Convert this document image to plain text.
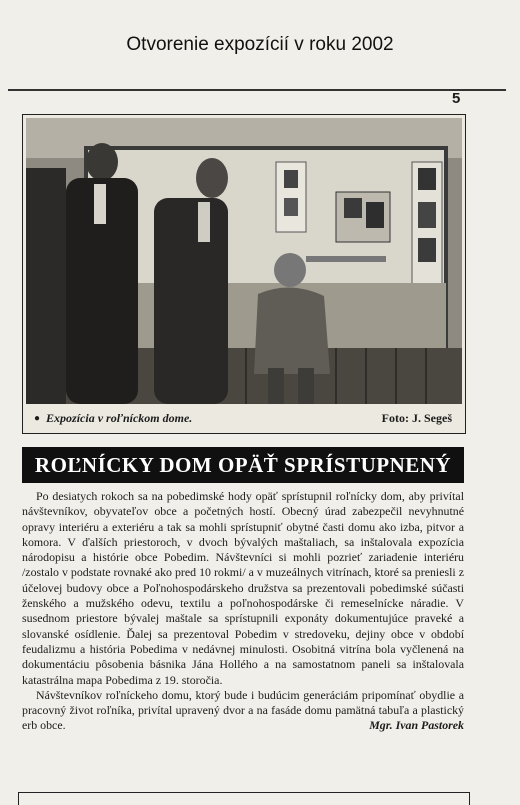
Otvorenie expozícií v roku 2002
5
● Expozícia v roľníckom dome.	Foto: J. Segeš
ROĽNÍCKY DOM OPÄŤ SPRÍSTUPNENÝ

Po desiatych rokoch sa na pobedimské hody opäť sprístupnil roľnícky dom, aby privítal návštevníkov, obyvateľov obce a početných hostí. Obecný úrad zabezpečil nevyhnutné opravy interiéru a exteriéru a tak sa mohli sprístupniť obytné časti domu ako izba, pitvor a komora. V ďalších priestoroch, v dvoch bývalých maštaliach, sa inštalovala expozícia národopisu a histórie obce Pobedim. Návštevníci si mohli pozrieť zariadenie interiéru /zostalo v podstate rovnaké ako pred 10 rokmi/ a v muzeálnych vitrínach, ktoré sa preniesli z účelovej budovy obce a Poľnohospodárskeho družstva sa prezentovali pobedimské súčasti ženského a mužského odevu, textilu a poľnohospodárske či remeselnícke náradie. V susednom priestore bývalej maštale sa sprístupnili exponáty dokumentujúce praveké a slovanské osídlenie. Ďalej sa prezentoval Pobedim v stredoveku, dejiny obce v období feudalizmu a história Pobedima v nedávnej minulosti. Osobitná vitrína bola vyčlenená na dokumentáciu pôsobenia básnika Jána Hollého a na samostatnom paneli sa inštalovala katastrálna mapa Pobedima z 19. storočia.

Návštevníkov roľníckeho domu, ktorý bude i budúcim generáciám pripomínať obydlie a pracovný život roľníka, privítal upravený dvor a na fasáde domu pamätná tabuľa a plastický erb obce.	Mgr. Ivan Pastorek
